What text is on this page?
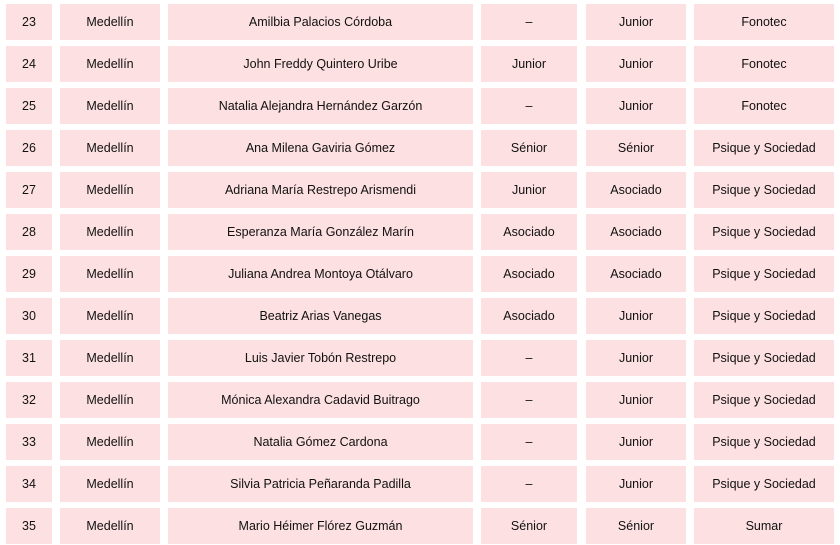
23	Medellín	Amilbia Palacios Córdoba	–	Junior	Fonotec
24	Medellín	John Freddy Quintero Uribe	Junior	Junior	Fonotec
25	Medellín	Natalia Alejandra Hernández Garzón	–	Junior	Fonotec
26	Medellín	Ana Milena Gaviria Gómez	Sénior	Sénior	Psique y Sociedad
27	Medellín	Adriana María Restrepo Arismendi	Junior	Asociado	Psique y Sociedad
28	Medellín	Esperanza María González Marín	Asociado	Asociado	Psique y Sociedad
29	Medellín	Juliana Andrea Montoya Otálvaro	Asociado	Asociado	Psique y Sociedad
30	Medellín	Beatriz Arias Vanegas	Asociado	Junior	Psique y Sociedad
31	Medellín	Luis Javier Tobón Restrepo	–	Junior	Psique y Sociedad
32	Medellín	Mónica Alexandra Cadavid Buitrago	–	Junior	Psique y Sociedad
33	Medellín	Natalia Gómez Cardona	–	Junior	Psique y Sociedad
34	Medellín	Silvia Patricia Peñaranda Padilla	–	Junior	Psique y Sociedad
35	Medellín	Mario Héimer Flórez Guzmán	Sénior	Sénior	Sumar
